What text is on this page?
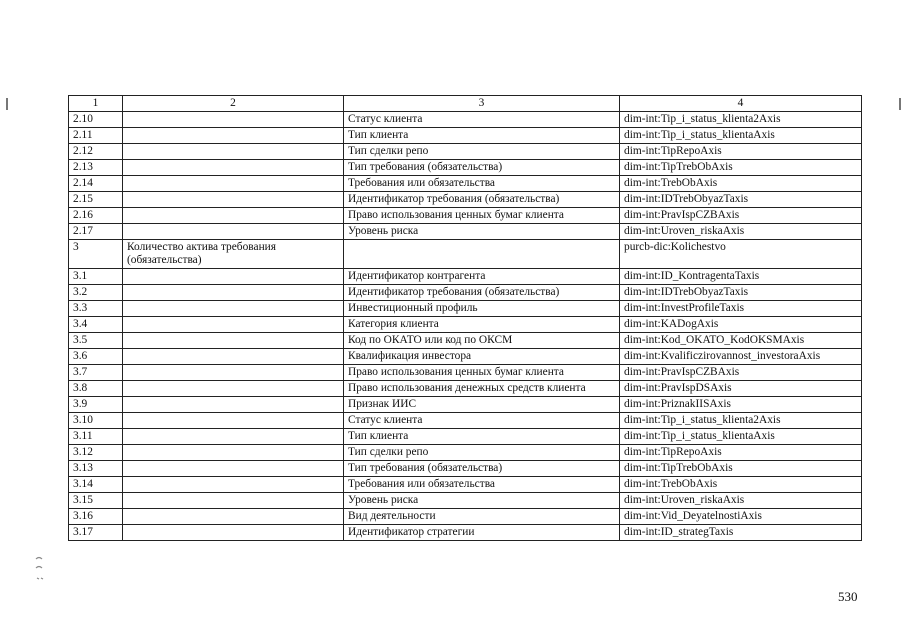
1	2	3	4
2.10		Статус клиента	dim-int:Tip_i_status_klienta2Axis
2.11		Тип клиента	dim-int:Tip_i_status_klientaAxis
2.12		Тип сделки репо	dim-int:TipRepoAxis
2.13		Тип требования (обязательства)	dim-int:TipTrebObAxis
2.14		Требования или обязательства	dim-int:TrebObAxis
2.15		Идентификатор требования (обязательства)	dim-int:IDTrebObyazTaxis
2.16		Право использования ценных бумаг клиента	dim-int:PravIspCZBAxis
2.17		Уровень риска	dim-int:Uroven_riskaAxis
3	Количество актива требования (обязательства)		purcb-dic:Kolichestvo
3.1		Идентификатор контрагента	dim-int:ID_KontragentaTaxis
3.2		Идентификатор требования (обязательства)	dim-int:IDTrebObyazTaxis
3.3		Инвестиционный профиль	dim-int:InvestProfileTaxis
3.4		Категория клиента	dim-int:KADogAxis
3.5		Код по ОКАТО или код по ОКСМ	dim-int:Kod_OKATO_KodOKSMAxis
3.6		Квалификация инвестора	dim-int:Kvalificzirovannost_investoraAxis
3.7		Право использования ценных бумаг клиента	dim-int:PravIspCZBAxis
3.8		Право использования денежных средств клиента	dim-int:PravIspDSAxis
3.9		Признак ИИС	dim-int:PriznakIISAxis
3.10		Статус клиента	dim-int:Tip_i_status_klienta2Axis
3.11		Тип клиента	dim-int:Tip_i_status_klientaAxis
3.12		Тип сделки репо	dim-int:TipRepoAxis
3.13		Тип требования (обязательства)	dim-int:TipTrebObAxis
3.14		Требования или обязательства	dim-int:TrebObAxis
3.15		Уровень риска	dim-int:Uroven_riskaAxis
3.16		Вид деятельности	dim-int:Vid_DeyatelnostiAxis
3.17		Идентификатор стратегии	dim-int:ID_strategTaxis
530
